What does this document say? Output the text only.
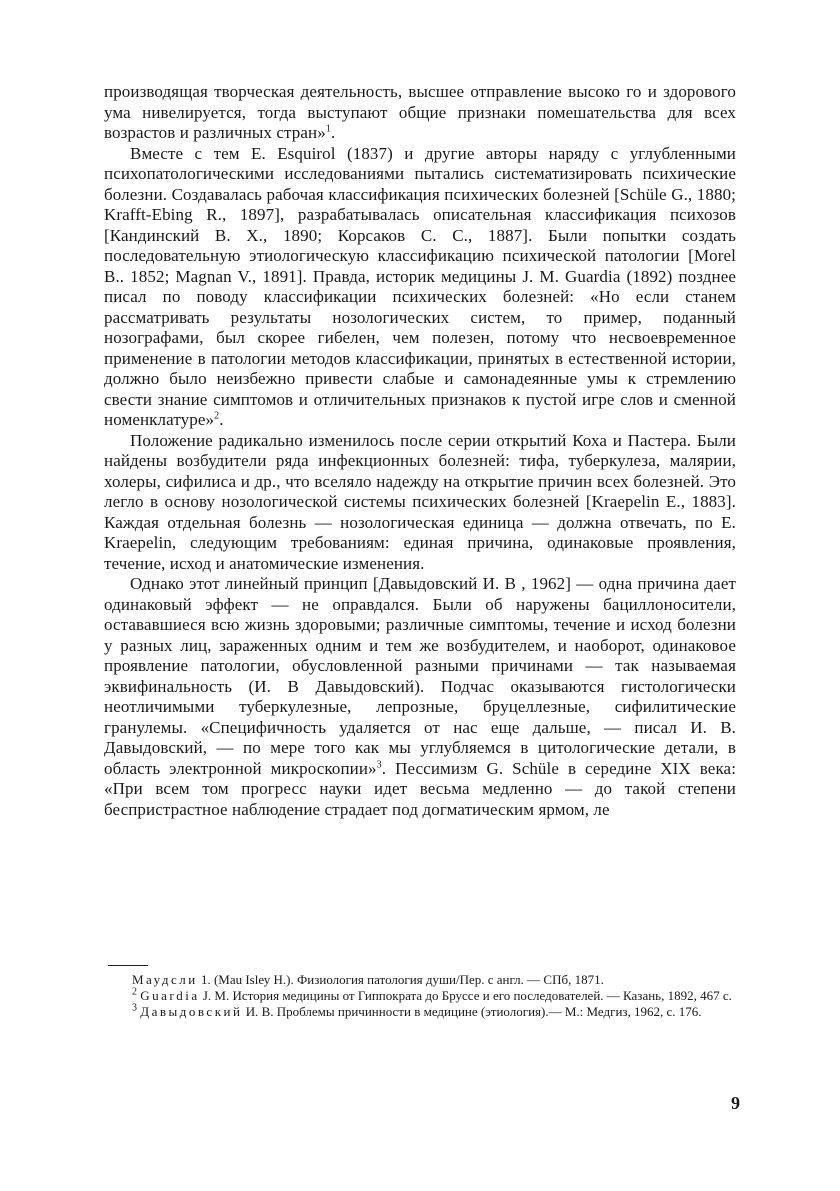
производящая творческая деятельность, высшее отправление высоко го и здорового ума нивелируется, тогда выступают общие признаки помешательства для всех возрастов и различных стран»$^1$.

Вместе с тем E. Esquirol (1837) и другие авторы наряду с углубленными психопатологическими исследованиями пытались систематизировать психические болезни. Создавалась рабочая классификация психических болезней [Schüle G., 1880; Krafft-Ebing R., 1897], разрабатывалась описательная классификация психозов [Кандинский В. Х., 1890; Корсаков С. С., 1887]. Были попытки создать последовательную этиологическую классификацию психической патологии [Morel B.. 1852; Magnan V., 1891]. Правда, историк медицины J. M. Guardia (1892) позднее писал по поводу классификации психических болезней: «Но если станем рассматривать результаты нозологических систем, то пример, поданный нозографами, был скорее гибелен, чем полезен, потому что несвоевременное применение в патологии методов классификации, принятых в естественной истории, должно было неизбежно привести слабые и самонадеянные умы к стремлению свести знание симптомов и отличительных признаков к пустой игре слов и сменной номенклатуре»$^2$.

Положение радикально изменилось после серии открытий Коха и Пастера. Были найдены возбудители ряда инфекционных болезней: тифа, туберкулеза, малярии, холеры, сифилиса и др., что вселяло надежду на открытие причин всех болезней. Это легло в основу нозологической системы психических болезней [Kraepelin E., 1883]. Каждая отдельная болезнь — нозологическая единица — должна отвечать, по E. Kraepelin, следующим требованиям: единая причина, одинаковые проявления, течение, исход и анатомические изменения.

Однако этот линейный принцип [Давыдовский И. В , 1962] — одна причина дает одинаковый эффект — не оправдался. Были об наружены бациллоносители, остававшиеся всю жизнь здоровыми; различные симптомы, течение и исход болезни у разных лиц, зараженных одним и тем же возбудителем, и наоборот, одинаковое проявление патологии, обусловленной разными причинами — так называемая эквифинальность (И. В Давыдовский). Подчас оказываются гистологически неотличимыми туберкулезные, лепрозные, бруцеллезные, сифилитические гранулемы. «Специфичность удаляется от нас еще дальше, — писал И. В. Давыдовский, — по мере того как мы углубляемся в цитологические детали, в область электронной микроскопии»$^3$. Пессимизм G. Schüle в середине XIX века: «При всем том прогресс науки идет весьма медленно — до такой степени беспристрастное наблюдение страдает под догматическим ярмом, ле

Маудсли 1. (Маu Islеу Н.). Физиология патология души/Пер. с англ. — СПб, 1871.

$^2$ Guardia J. M. История медицины от Гиппократа до Бруссе и его последователей. — Казань, 1892, 467 с.

$^3$ Давыдовский И. В. Проблемы причинности в медицине (этиология).— М.: Медгиз, 1962, с. 176.

9
